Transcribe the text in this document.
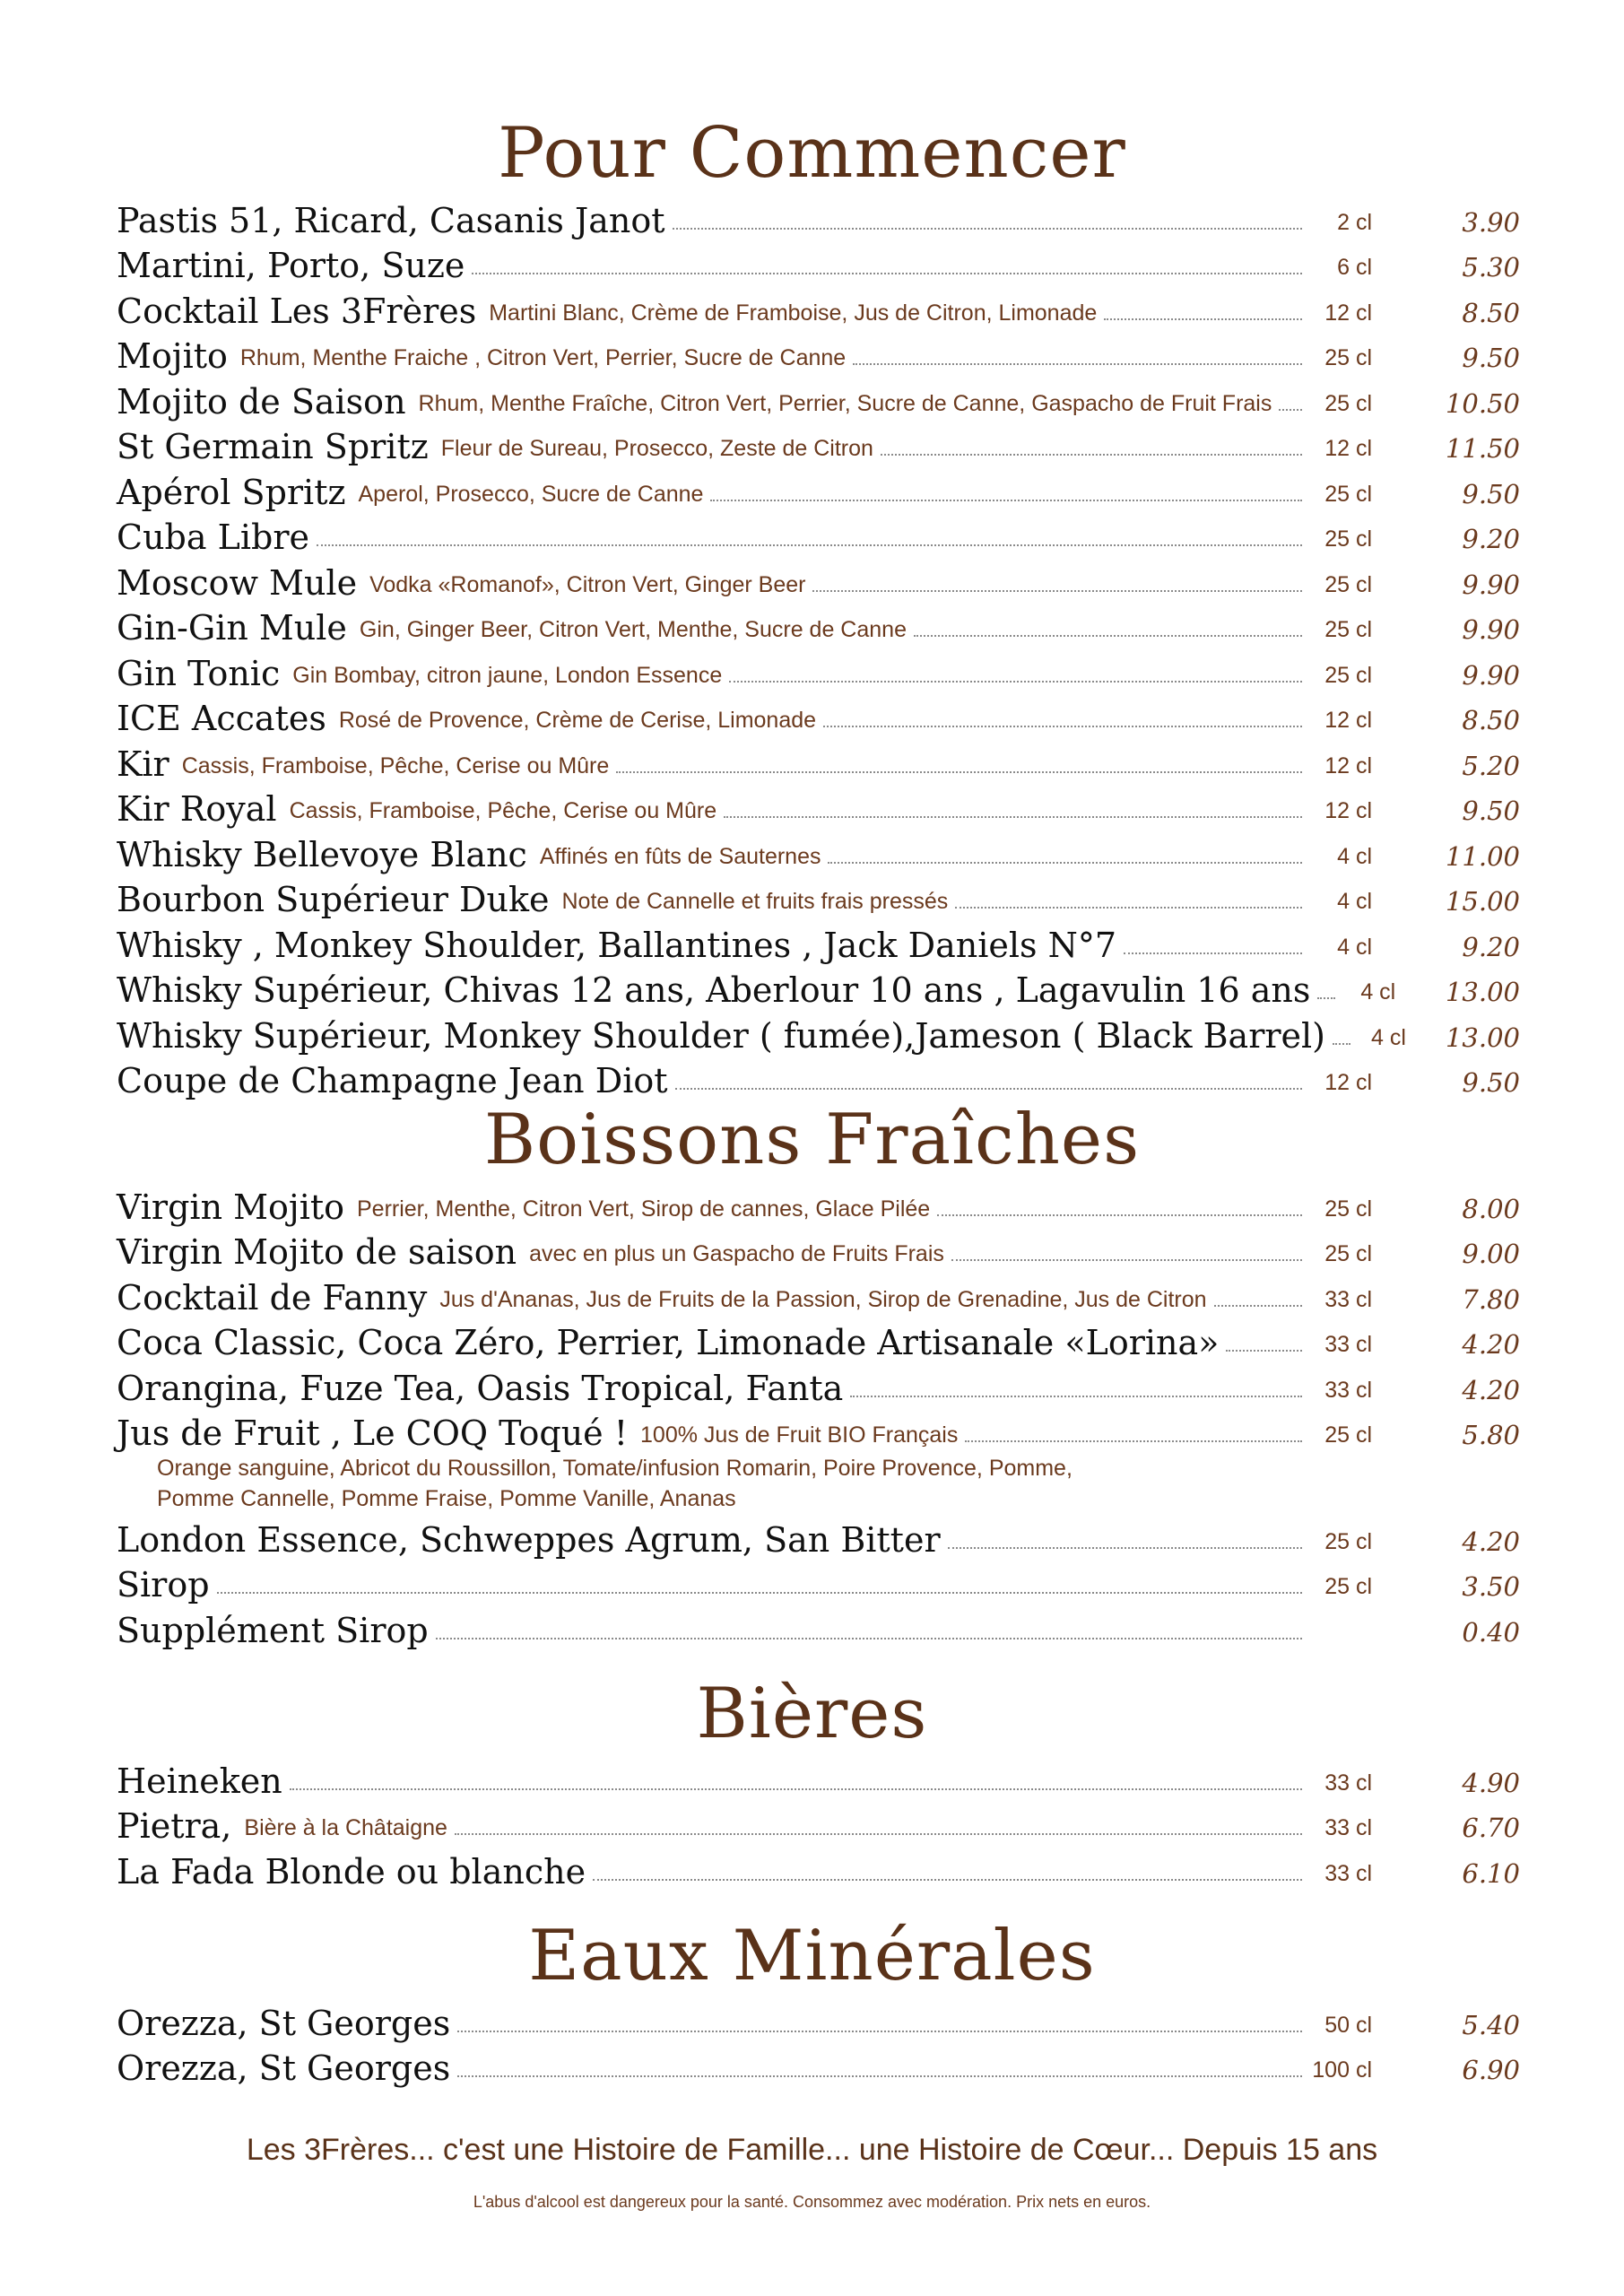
Pour Commencer
Pastis 51, Ricard, Casanis Janot	2 cl	3.90
Martini, Porto, Suze	6 cl	5.30
Cocktail Les 3Frères Martini Blanc, Crème de Framboise, Jus de Citron, Limonade	12 cl	8.50
Mojito Rhum, Menthe Fraiche , Citron Vert, Perrier, Sucre de Canne	25 cl	9.50
Mojito de Saison Rhum, Menthe Fraîche, Citron Vert, Perrier, Sucre de Canne, Gaspacho de Fruit Frais	25 cl	10.50
St Germain Spritz Fleur de Sureau, Prosecco, Zeste de Citron	12 cl	11.50
Apérol Spritz Aperol, Prosecco, Sucre de Canne	25 cl	9.50
Cuba Libre	25 cl	9.20
Moscow Mule Vodka «Romanof», Citron Vert, Ginger Beer	25 cl	9.90
Gin-Gin Mule Gin, Ginger Beer, Citron Vert, Menthe, Sucre de Canne	25 cl	9.90
Gin Tonic Gin Bombay, citron jaune, London Essence	25 cl	9.90
ICE Accates Rosé de Provence, Crème de Cerise, Limonade	12 cl	8.50
Kir Cassis, Framboise, Pêche, Cerise ou Mûre	12 cl	5.20
Kir Royal Cassis, Framboise, Pêche, Cerise ou Mûre	12 cl	9.50
Whisky Bellevoye Blanc Affinés en fûts de Sauternes	4 cl	11.00
Bourbon Supérieur Duke Note de Cannelle et fruits frais pressés	4 cl	15.00
Whisky , Monkey Shoulder, Ballantines , Jack Daniels N°7	4 cl	9.20
Whisky Supérieur, Chivas 12 ans, Aberlour 10 ans , Lagavulin 16 ans	4 cl	13.00
Whisky Supérieur, Monkey Shoulder ( fumée),Jameson ( Black Barrel)	4 cl	13.00
Coupe de Champagne Jean Diot	12 cl	9.50
Boissons Fraîches
Virgin Mojito Perrier, Menthe, Citron Vert, Sirop de cannes, Glace Pilée	25 cl	8.00
Virgin Mojito de saison avec en plus un Gaspacho de Fruits Frais	25 cl	9.00
Cocktail de Fanny Jus d'Ananas, Jus de Fruits de la Passion, Sirop de Grenadine, Jus de Citron	33 cl	7.80
Coca Classic, Coca Zéro, Perrier, Limonade Artisanale «Lorina»	33 cl	4.20
Orangina, Fuze Tea, Oasis Tropical, Fanta	33 cl	4.20
Jus de Fruit , Le COQ Toqué ! 100% Jus de Fruit BIO Français	25 cl	5.80
Orange sanguine, Abricot du Roussillon, Tomate/infusion Romarin, Poire Provence, Pomme,
Pomme Cannelle, Pomme Fraise, Pomme Vanille, Ananas
London Essence, Schweppes Agrum, San Bitter	25 cl	4.20
Sirop	25 cl	3.50
Supplément Sirop	0.40
Bières
Heineken	33 cl	4.90
Pietra, Bière à la Châtaigne	33 cl	6.70
La Fada Blonde ou blanche	33 cl	6.10
Eaux Minérales
Orezza, St Georges	50 cl	5.40
Orezza, St Georges	100 cl	6.90
Les 3Frères... c'est une Histoire de Famille... une Histoire de Cœur... Depuis 15 ans
L'abus d'alcool est dangereux pour la santé. Consommez avec modération. Prix nets en euros.
